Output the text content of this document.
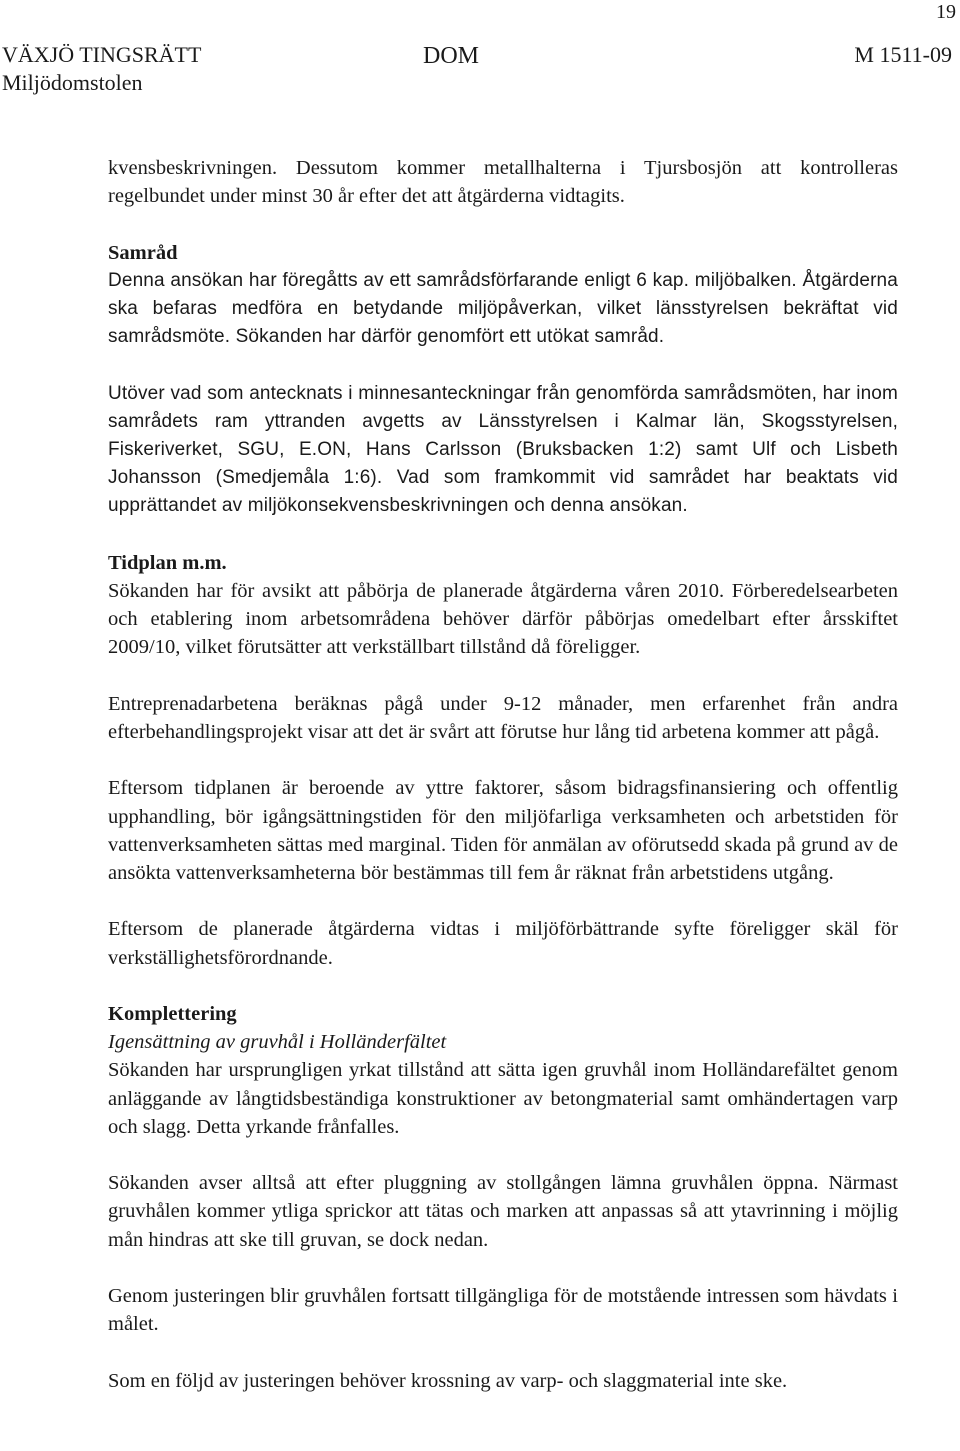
19
VÄXJÖ TINGSRÄTT
Miljödomstolen
DOM	M 1511-09

kvensbeskrivningen. Dessutom kommer metallhalterna i Tjursbosjön att kontrolleras regelbundet under minst 30 år efter det att åtgärderna vidtagits.

Samråd

Denna ansökan har föregåtts av ett samrådsförfarande enligt 6 kap. miljöbalken. Åtgärderna ska befaras medföra en betydande miljöpåverkan, vilket länsstyrelsen bekräftat vid samrådsmöte. Sökanden har därför genomfört ett utökat samråd.

Utöver vad som antecknats i minnesanteckningar från genomförda samrådsmöten, har inom samrådets ram yttranden avgetts av Länsstyrelsen i Kalmar län, Skogsstyrelsen, Fiskeriverket, SGU, E.ON, Hans Carlsson (Bruksbacken 1:2) samt Ulf och Lisbeth Johansson (Smedjemåla 1:6). Vad som framkommit vid samrådet har beaktats vid upprättandet av miljökonsekvensbeskrivningen och denna ansökan.

Tidplan m.m.

Sökanden har för avsikt att påbörja de planerade åtgärderna våren 2010. Förberedelsearbeten och etablering inom arbetsområdena behöver därför påbörjas omedelbart efter årsskiftet 2009/10, vilket förutsätter att verkställbart tillstånd då föreligger.

Entreprenadarbetena beräknas pågå under 9-12 månader, men erfarenhet från andra efterbehandlingsprojekt visar att det är svårt att förutse hur lång tid arbetena kommer att pågå.

Eftersom tidplanen är beroende av yttre faktorer, såsom bidragsfinansiering och offentlig upphandling, bör igångsättningstiden för den miljöfarliga verksamheten och arbetstiden för vattenverksamheten sättas med marginal. Tiden för anmälan av oförutsedd skada på grund av de ansökta vattenverksamheterna bör bestämmas till fem år räknat från arbetstidens utgång.

Eftersom de planerade åtgärderna vidtas i miljöförbättrande syfte föreligger skäl för verkställighetsförordnande.

Komplettering

Igensättning av gruvhål i Holländerfältet

Sökanden har ursprungligen yrkat tillstånd att sätta igen gruvhål inom Holländarefältet genom anläggande av långtidsbeständiga konstruktioner av betongmaterial samt omhändertagen varp och slagg. Detta yrkande frånfalles.

Sökanden avser alltså att efter pluggning av stollgången lämna gruvhålen öppna. Närmast gruvhålen kommer ytliga sprickor att tätas och marken att anpassas så att ytavrinning i möjlig mån hindras att ske till gruvan, se dock nedan.

Genom justeringen blir gruvhålen fortsatt tillgängliga för de motstående intressen som hävdats i målet.

Som en följd av justeringen behöver krossning av varp- och slaggmaterial inte ske.
